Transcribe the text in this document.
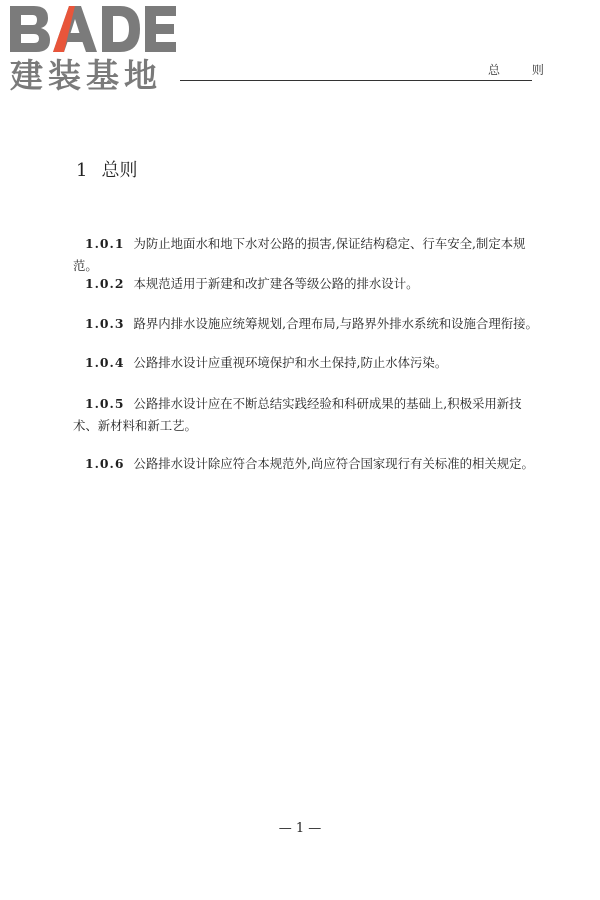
建装基地	总 则
1 总则
1.0.1 为防止地面水和地下水对公路的损害,保证结构稳定、行车安全,制定本规范。
1.0.2 本规范适用于新建和改扩建各等级公路的排水设计。
1.0.3 路界内排水设施应统筹规划,合理布局,与路界外排水系统和设施合理衔接。
1.0.4 公路排水设计应重视环境保护和水土保持,防止水体污染。
1.0.5 公路排水设计应在不断总结实践经验和科研成果的基础上,积极采用新技术、新材料和新工艺。
1.0.6 公路排水设计除应符合本规范外,尚应符合国家现行有关标准的相关规定。
— 1 —
